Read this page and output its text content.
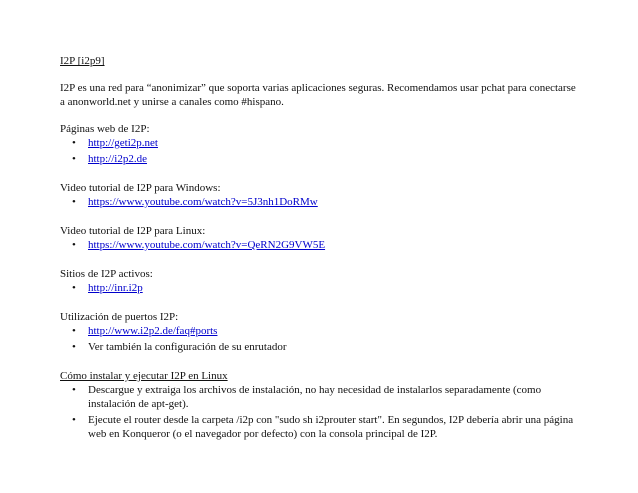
I2P [i2p9]

I2P es una red para “anonimizar” que soporta varias aplicaciones seguras. Recomendamos usar pchat para conectarse a anonworld.net y unirse a canales como #hispano.

Páginas web de I2P:

• http://geti2p.net
• http://i2p2.de

Video tutorial de I2P para Windows:

• https://www.youtube.com/watch?v=5J3nh1DoRMw

Video tutorial de I2P para Linux:

• https://www.youtube.com/watch?v=QeRN2G9VW5E

Sitios de I2P activos:

• http://inr.i2p

Utilización de puertos I2P:

• http://www.i2p2.de/faq#ports
• Ver también la configuración de su enrutador

Cómo instalar y ejecutar I2P en Linux

• Descargue y extraiga los archivos de instalación, no hay necesidad de instalarlos separadamente (como instalación de apt-get).
• Ejecute el router desde la carpeta /i2p con "sudo sh i2prouter start". En segundos, I2P debería abrir una página web en Konqueror (o el navegador por defecto) con la consola principal de I2P.
